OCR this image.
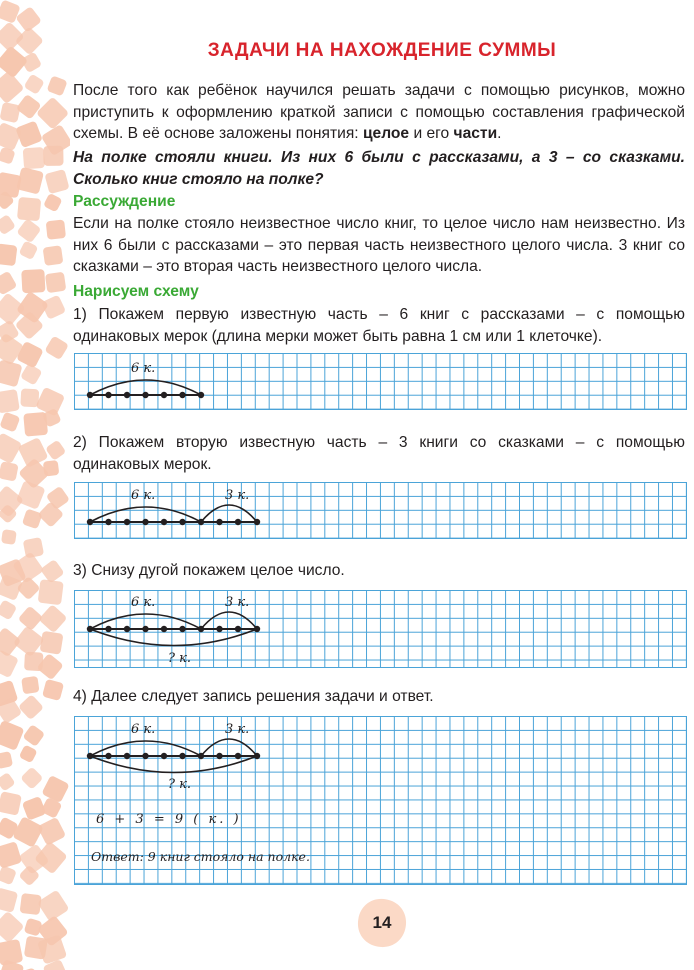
ЗАДАЧИ НА НАХОЖДЕНИЕ СУММЫ

После того как ребёнок научился решать задачи с помощью рисунков, можно приступить к оформлению краткой записи с помощью составления графической схемы. В её основе заложены понятия: целое и его части.

На полке стояли книги. Из них 6 были с рассказами, а 3 – со сказками. Сколько книг стояло на полке?

Рассуждение

Если на полке стояло неизвестное число книг, то целое число нам неизвестно. Из них 6 были с рассказами – это первая часть неизвестного целого числа. 3 книг со сказками – это вторая часть неизвестного целого числа.

Нарисуем схему

1) Покажем первую известную часть – 6 книг с рассказами – с помощью одинаковых мерок (длина мерки может быть равна 1 см или 1 клеточке).

6 к.

2) Покажем вторую известную часть – 3 книги со сказками – с помощью одинаковых мерок.

6 к.	3 к.

3) Снизу дугой покажем целое число.

6 к.	3 к.
? к.

4) Далее следует запись решения задачи и ответ.

6 к.	3 к.
? к.
6 + 3 = 9 ( к. )
Ответ: 9 книг стояло на полке.
14
